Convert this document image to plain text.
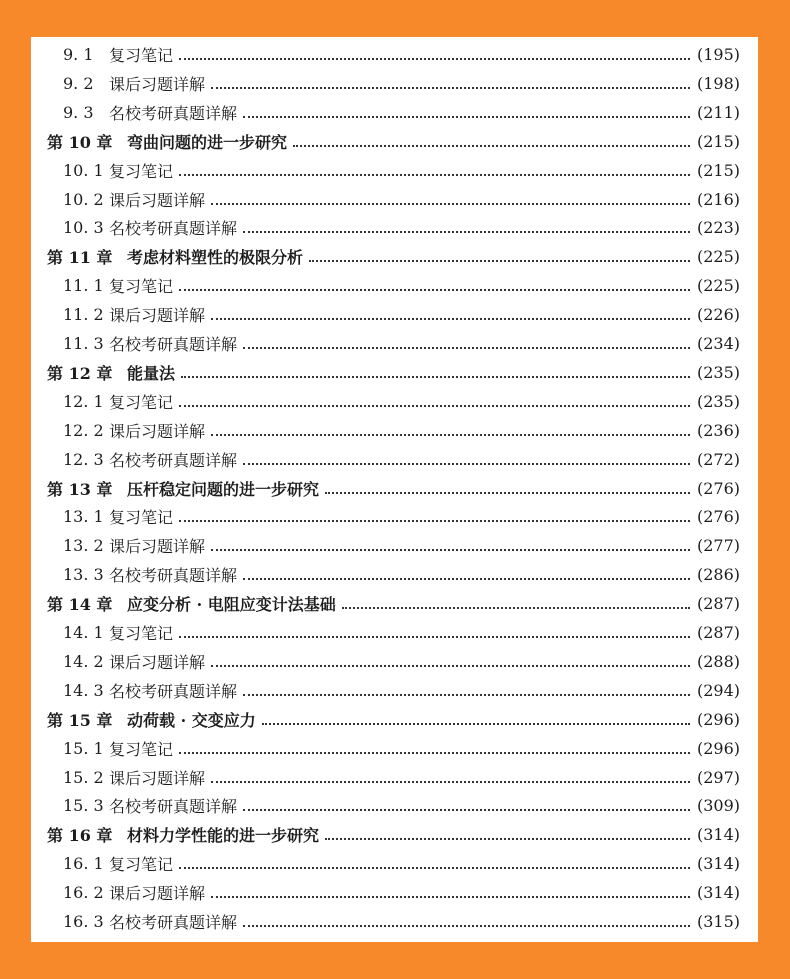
9. 1 复习笔记	(195)
9. 2 课后习题详解	(198)
9. 3 名校考研真题详解	(211)
第 10 章 弯曲问题的进一步研究	(215)
10. 1 复习笔记	(215)
10. 2 课后习题详解	(216)
10. 3 名校考研真题详解	(223)
第 11 章 考虑材料塑性的极限分析	(225)
11. 1 复习笔记	(225)
11. 2 课后习题详解	(226)
11. 3 名校考研真题详解	(234)
第 12 章 能量法	(235)
12. 1 复习笔记	(235)
12. 2 课后习题详解	(236)
12. 3 名校考研真题详解	(272)
第 13 章 压杆稳定问题的进一步研究	(276)
13. 1 复习笔记	(276)
13. 2 课后习题详解	(277)
13. 3 名校考研真题详解	(286)
第 14 章 应变分析 · 电阻应变计法基础	(287)
14. 1 复习笔记	(287)
14. 2 课后习题详解	(288)
14. 3 名校考研真题详解	(294)
第 15 章 动荷载 · 交变应力	(296)
15. 1 复习笔记	(296)
15. 2 课后习题详解	(297)
15. 3 名校考研真题详解	(309)
第 16 章 材料力学性能的进一步研究	(314)
16. 1 复习笔记	(314)
16. 2 课后习题详解	(314)
16. 3 名校考研真题详解	(315)
